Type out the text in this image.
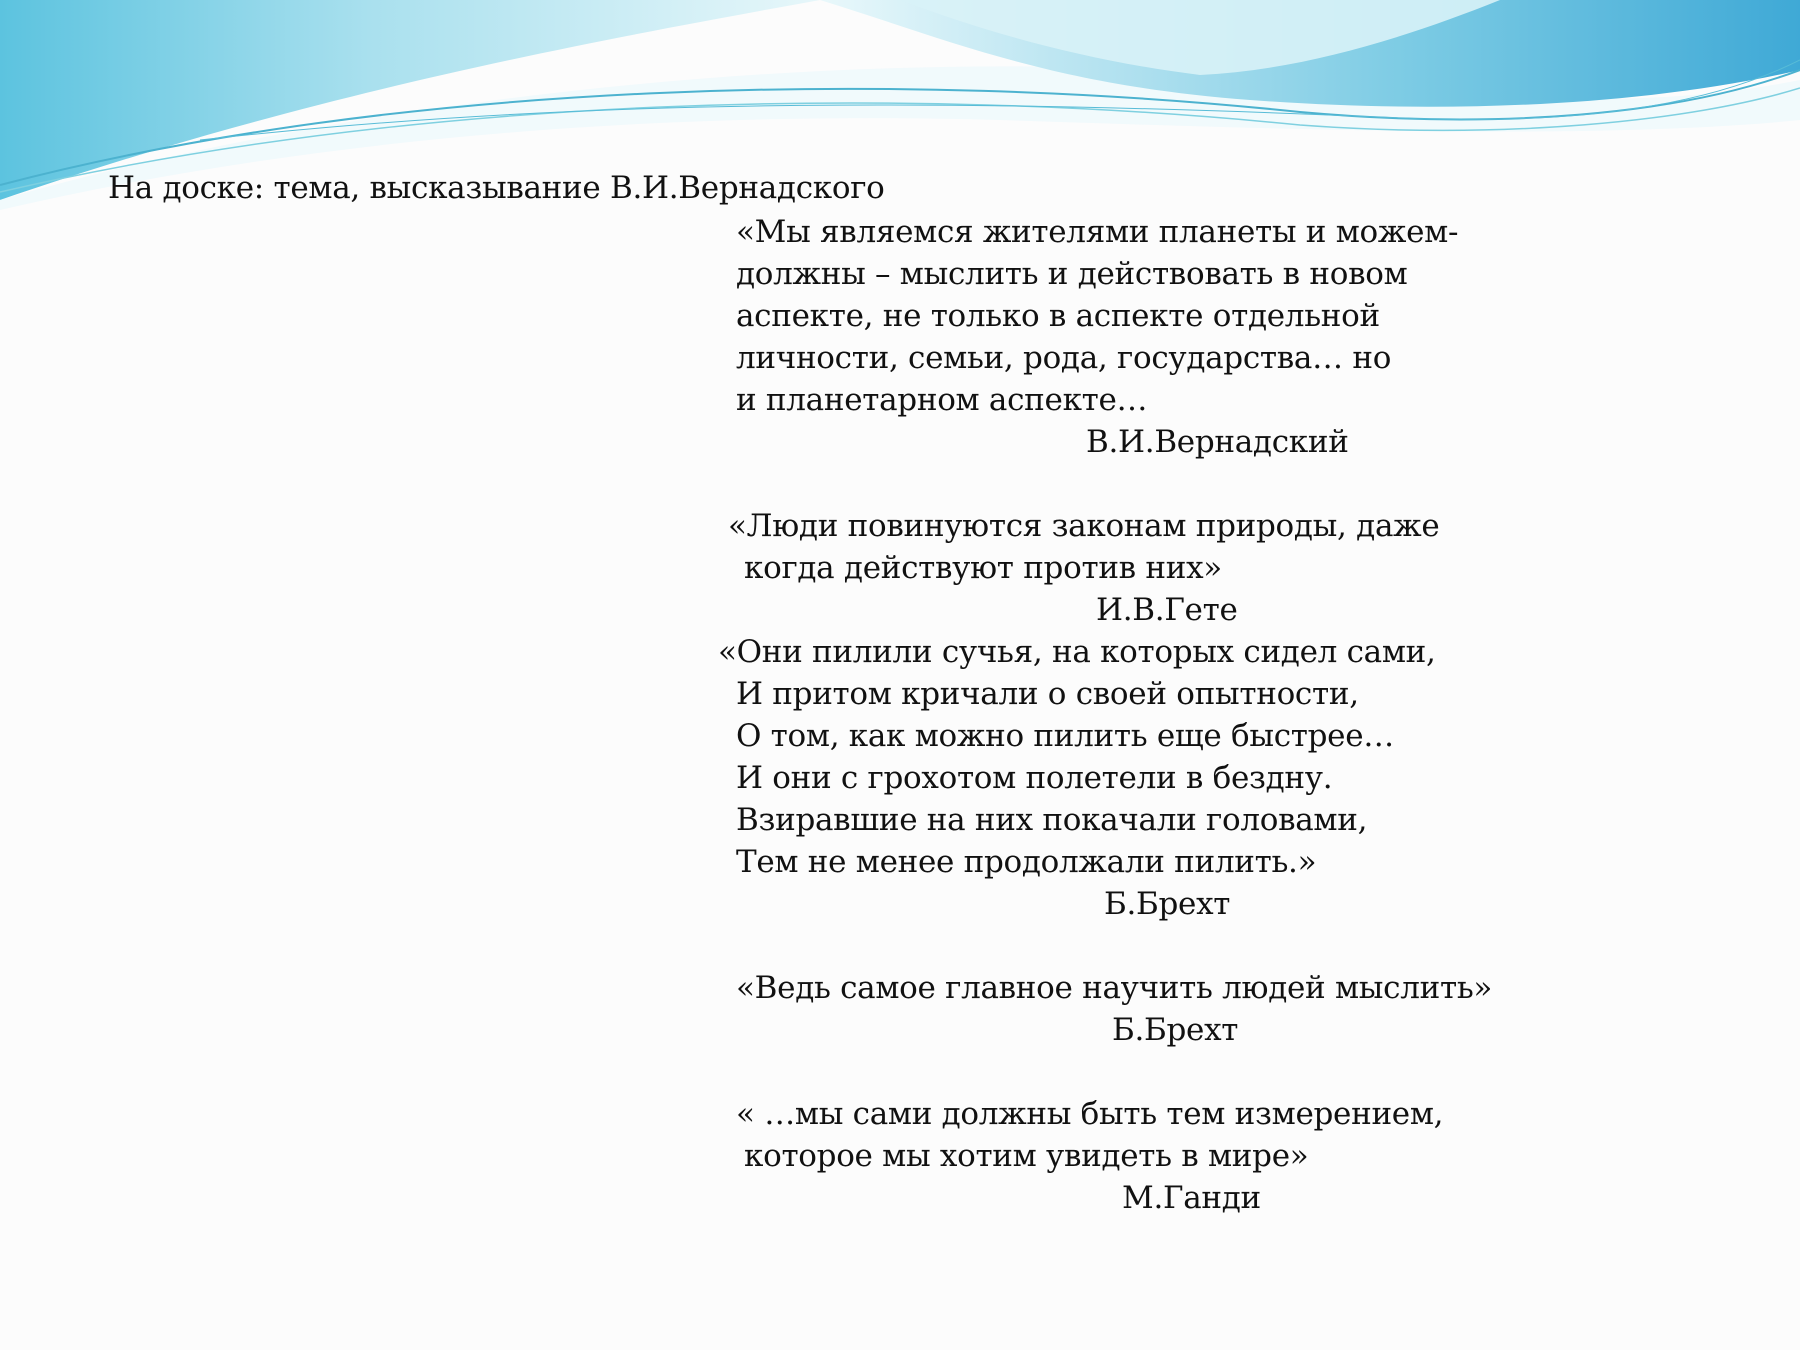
На доске: тема, высказывание В.И.Вернадского

«Мы являемся жителями планеты и можем-

должны – мыслить и действовать в новом

аспекте, не только в аспекте отдельной

личности, семьи, рода, государства… но

и планетарном аспекте…

В.И.Вернадский

«Люди повинуются законам природы, даже

когда действуют против них»

И.В.Гете

«Они пилили сучья, на которых сидел сами,

И притом кричали о своей опытности,

О том, как можно пилить еще быстрее…

И они с грохотом полетели в бездну.

Взиравшие на них покачали головами,

Тем не менее продолжали пилить.»

Б.Брехт

«Ведь самое главное научить людей мыслить»

Б.Брехт

« …мы сами должны быть тем измерением,

которое мы хотим увидеть в мире»

М.Ганди
